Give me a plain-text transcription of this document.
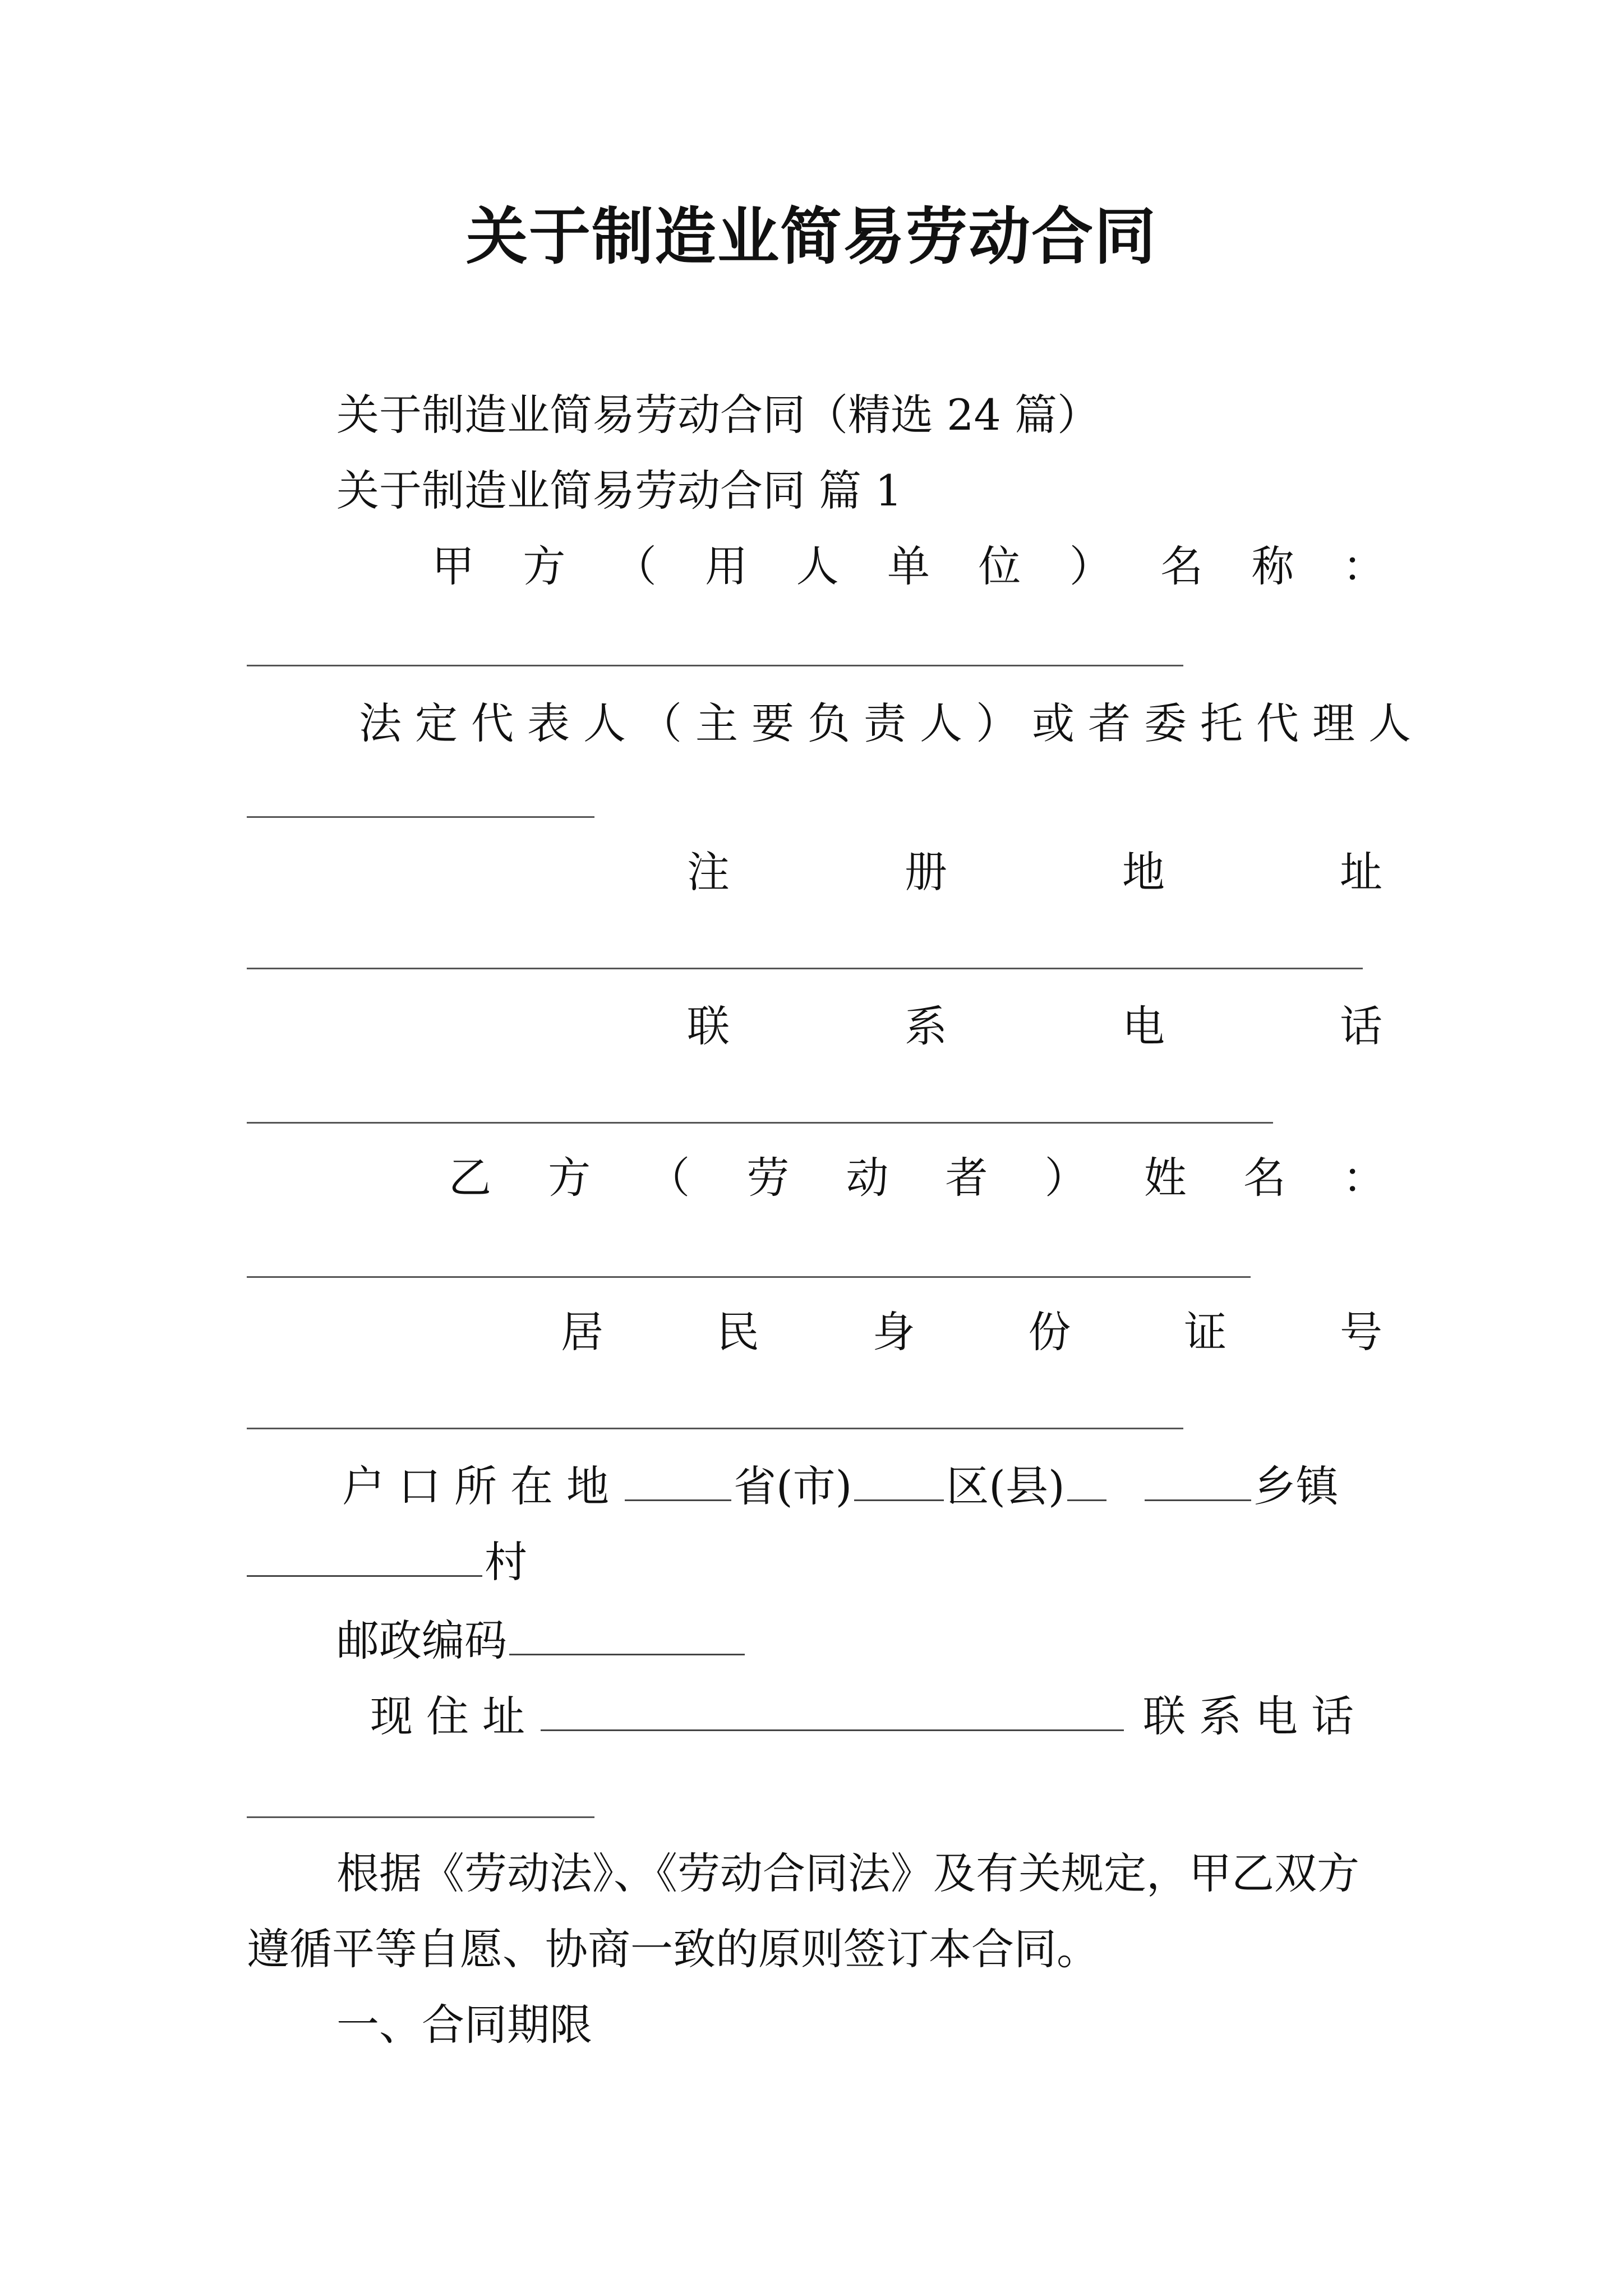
关于制造业简易劳动合同
关于制造业简易劳动合同（精选 24 篇）
关于制造业简易劳动合同 篇 1
甲 方 （ 用 人 单 位 ） 名 称 ：
法定代表人（主要负责人）或者委托代理人
注	册	地	址
联	系	电	话
乙 方 （ 劳 动 者 ） 姓 名 ：
居	民	身	份	证	号
户口所在地	省(市) 区(县)	乡镇
村
邮政编码
现住址	联系电话
根据《劳动法》、《劳动合同法》及有关规定，甲乙双方
遵循平等自愿、协商一致的原则签订本合同。
一、合同期限
